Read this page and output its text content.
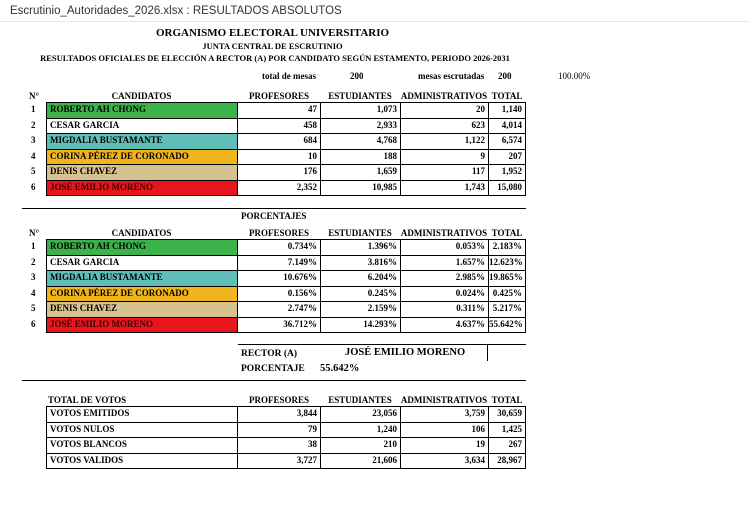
Escrutinio_Autoridades_2026.xlsx : RESULTADOS ABSOLUTOS
ORGANISMO ELECTORAL UNIVERSITARIO
JUNTA CENTRAL DE ESCRUTINIO
RESULTADOS OFICIALES DE ELECCIÓN A RECTOR (A) POR CANDIDATO SEGÚN ESTAMENTO, PERIODO 2026-2031
total de mesas	200	mesas escrutadas 200	100.00%
N°	CANDIDATOS	PROFESORES	ESTUDIANTES	ADMINISTRATIVOS TOTAL
1	ROBERTO AH CHONG	47	1,073	20	1,140
2	CESAR GARCIA	458	2,933	623	4,014
3	MIGDALIA BUSTAMANTE	684	4,768	1,122	6,574
4	CORINA PÉREZ DE CORONADO	10	188	9	207
5	DENIS CHAVEZ	176	1,659	117	1,952
6	JOSÉ EMILIO MORENO	2,352	10,985	1,743	15,080
PORCENTAJES
N°	CANDIDATOS	PROFESORES	ESTUDIANTES	ADMINISTRATIVOS TOTAL
1	ROBERTO AH CHONG	0.734%	1.396%	0.053% 2.183%
2	CESAR GARCIA	7.149%	3.816%	1.657% 12.623%
3	MIGDALIA BUSTAMANTE	10.676%	6.204%	2.985% 19.865%
4	CORINA PÉREZ DE CORONADO	0.156%	0.245%	0.024% 0.425%
5	DENIS CHAVEZ	2.747%	2.159%	0.311% 5.217%
6	JOSÉ EMILIO MORENO	36.712%	14.293%	4.637% 55.642%
RECTOR (A)	JOSÉ EMILIO MORENO
PORCENTAJE 55.642%
TOTAL DE VOTOS	PROFESORES	ESTUDIANTES	ADMINISTRATIVOS TOTAL
VOTOS EMITIDOS	3,844	23,056	3,759	30,659
VOTOS NULOS	79	1,240	106	1,425
VOTOS BLANCOS	38	210	19	267
VOTOS VALIDOS	3,727	21,606	3,634	28,967
